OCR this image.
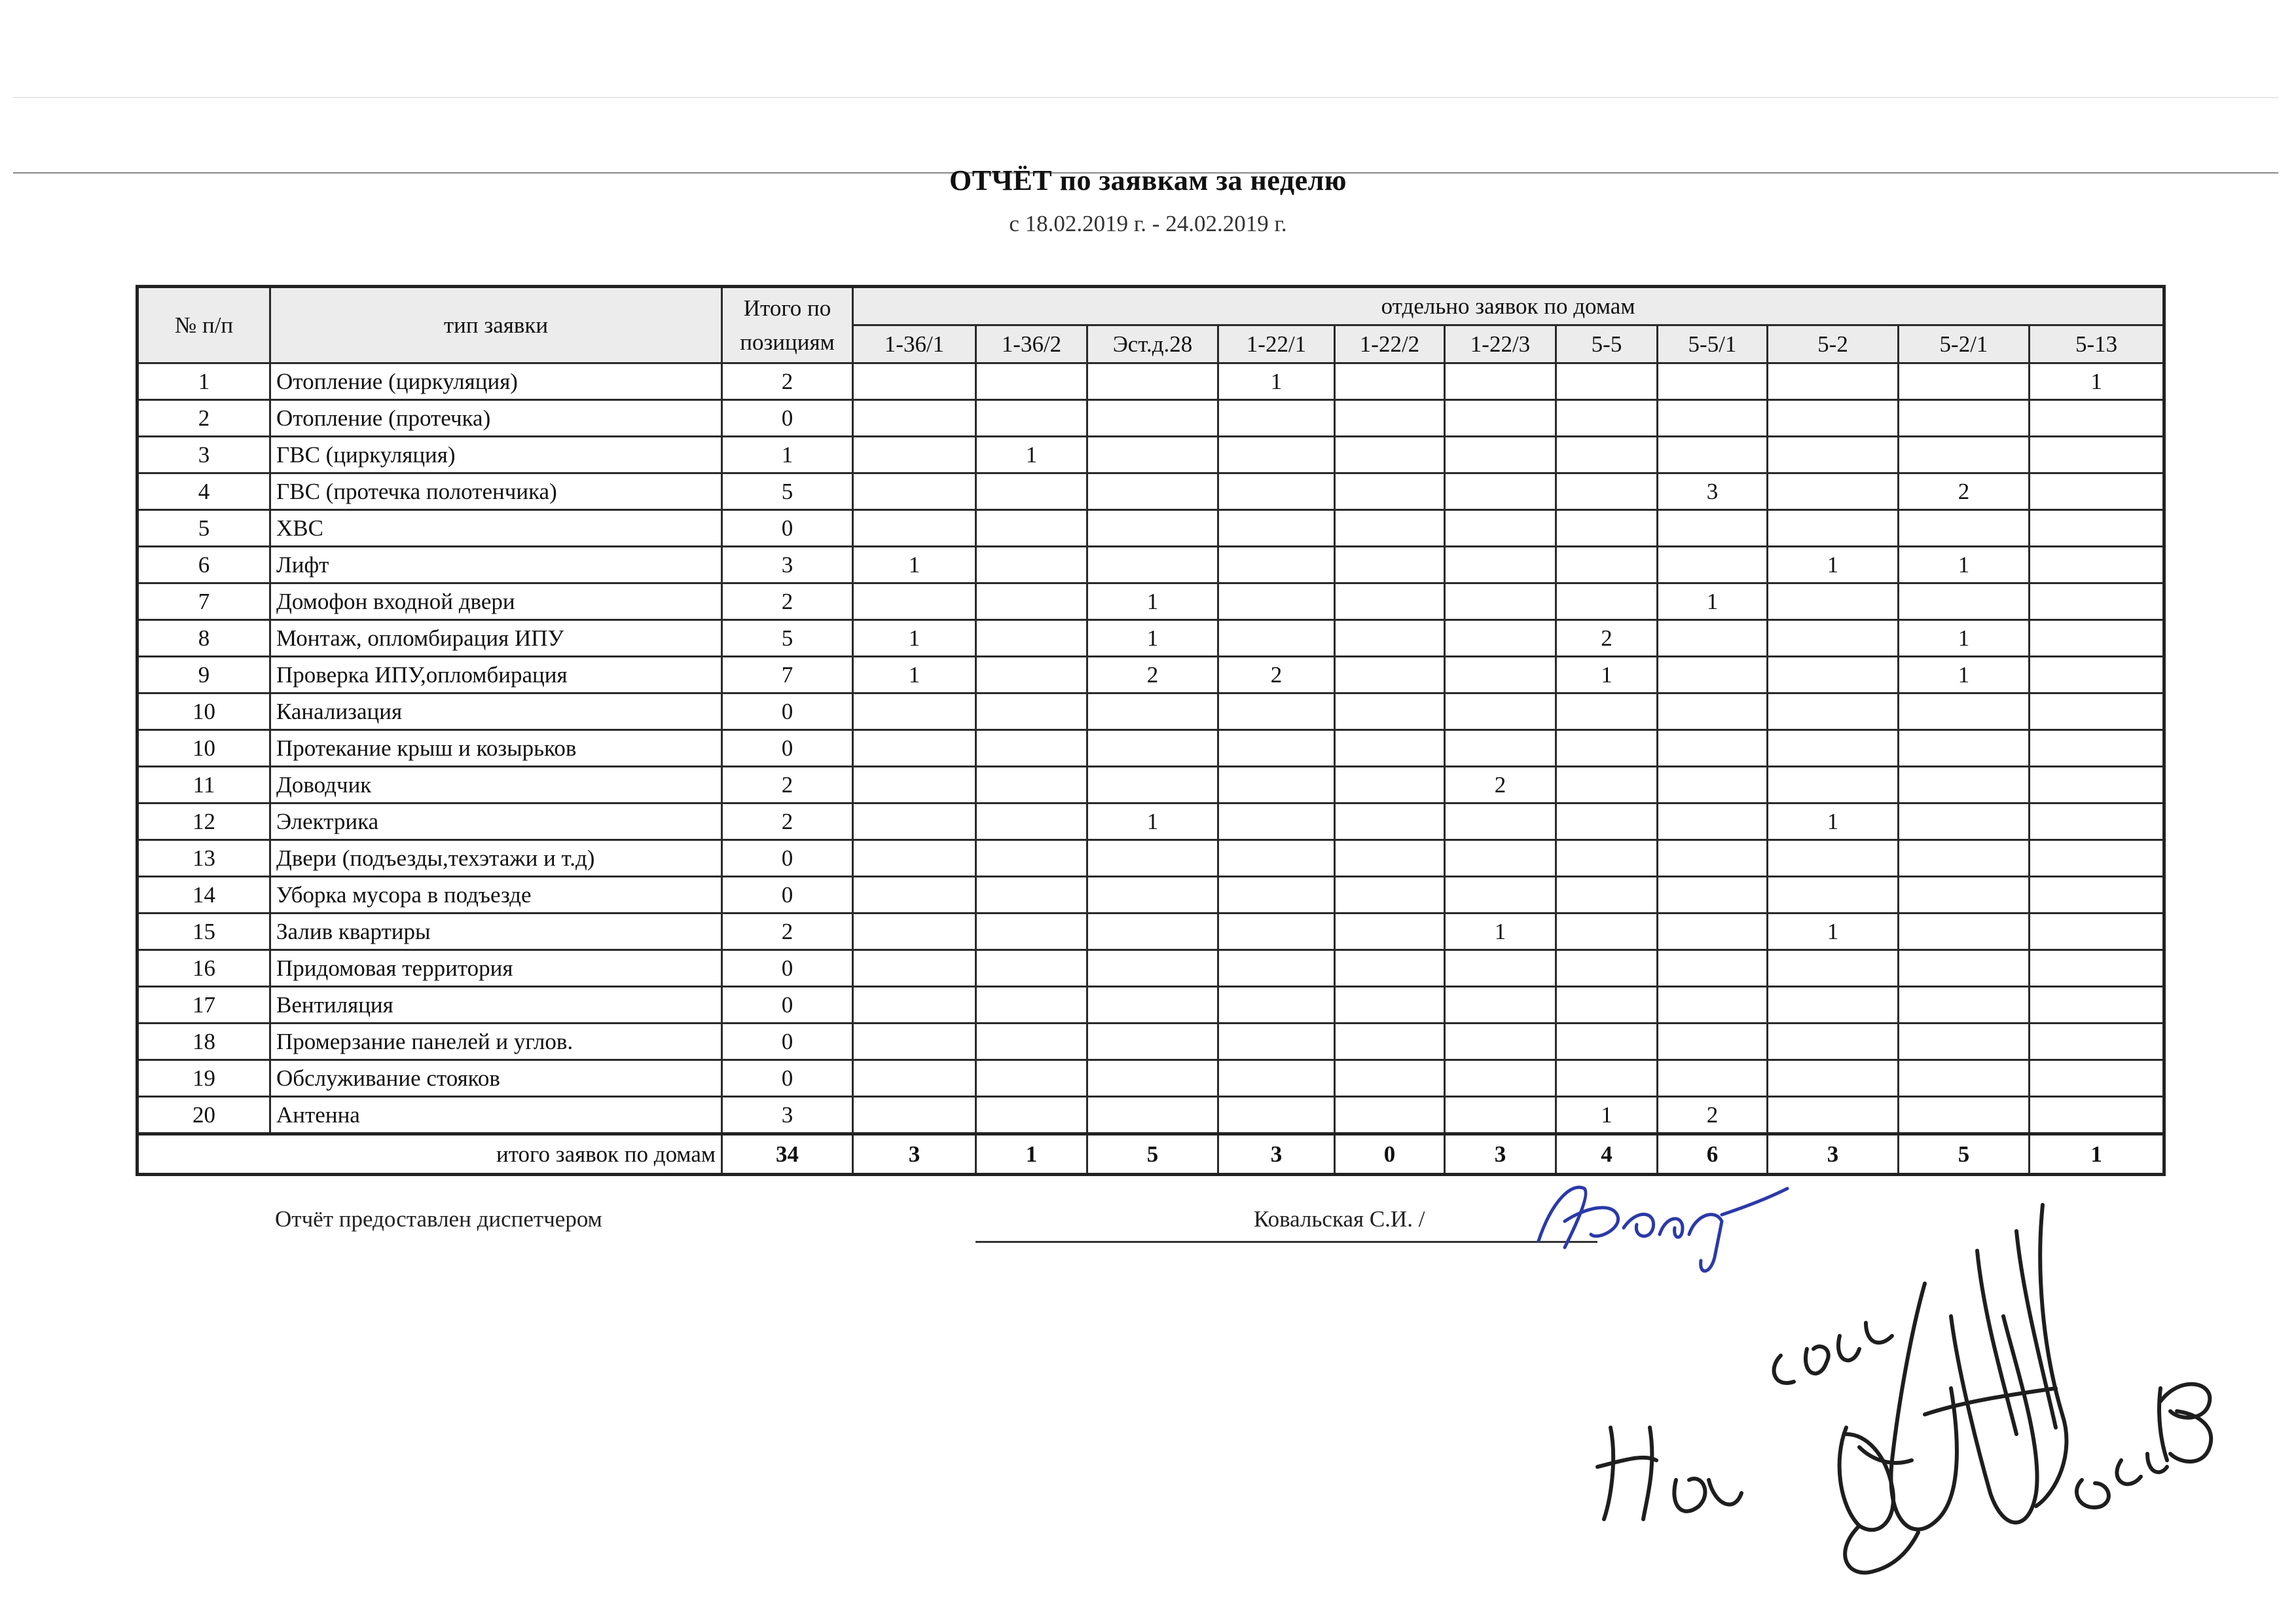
ОТЧЁТ по заявкам за неделю
с 18.02.2019 г. - 24.02.2019 г.
№ п/п	тип заявки	Итого по позициям	отдельно заявок по домам										
			1-36/1	1-36/2	Эст.д.28	1-22/1	1-22/2	1-22/3	5-5	5-5/1	5-2	5-2/1	5-13
1	Отопление (циркуляция)	2				1							1
2	Отопление (протечка)	0											
3	ГВС (циркуляция)	1		1									
4	ГВС (протечка полотенчика)	5								3		2	
5	ХВС	0											
6	Лифт	3	1								1	1	
7	Домофон входной двери	2			1					1			
8	Монтаж, опломбирация ИПУ	5	1		1				2			1	
9	Проверка ИПУ,опломбирация	7	1		2	2			1			1	
10	Канализация	0											
10	Протекание крыш и козырьков	0											
11	Доводчик	2						2					
12	Электрика	2			1						1		
13	Двери (подъезды,техэтажи и т.д)	0											
14	Уборка мусора в подъезде	0											
15	Залив квартиры	2						1			1		
16	Придомовая территория	0											
17	Вентиляция	0											
18	Промерзание панелей и углов.	0											
19	Обслуживание стояков	0											
20	Антенна	3							1	2			
итого заявок по домам		34	3	1	5	3	0	3	4	6	3	5	1
Отчёт предоставлен диспетчером	Ковальская С.И. /
